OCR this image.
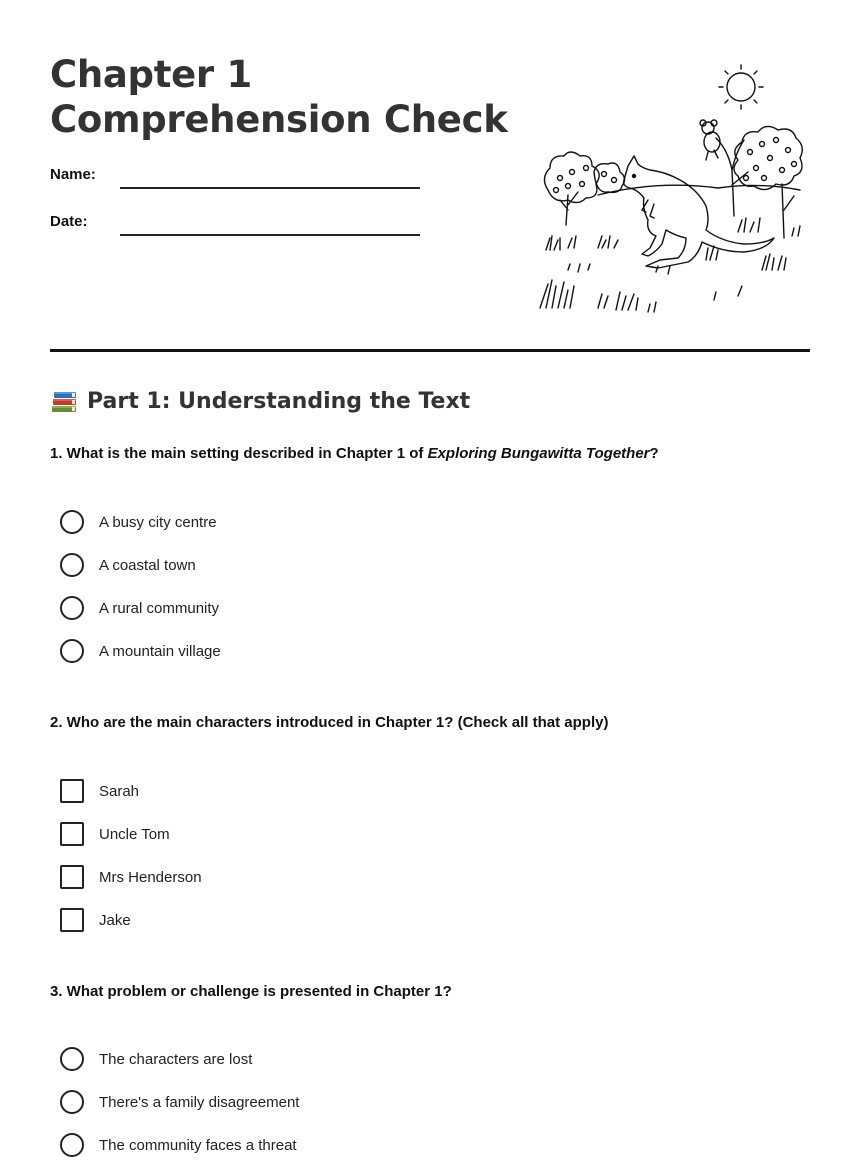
Chapter 1
Comprehension Check
Name:
Date:
Part 1: Understanding the Text
1. What is the main setting described in Chapter 1 of Exploring Bungawitta Together?
A busy city centre
A coastal town
A rural community
A mountain village
2. Who are the main characters introduced in Chapter 1? (Check all that apply)
Sarah
Uncle Tom
Mrs Henderson
Jake
3. What problem or challenge is presented in Chapter 1?
The characters are lost
There's a family disagreement
The community faces a threat
